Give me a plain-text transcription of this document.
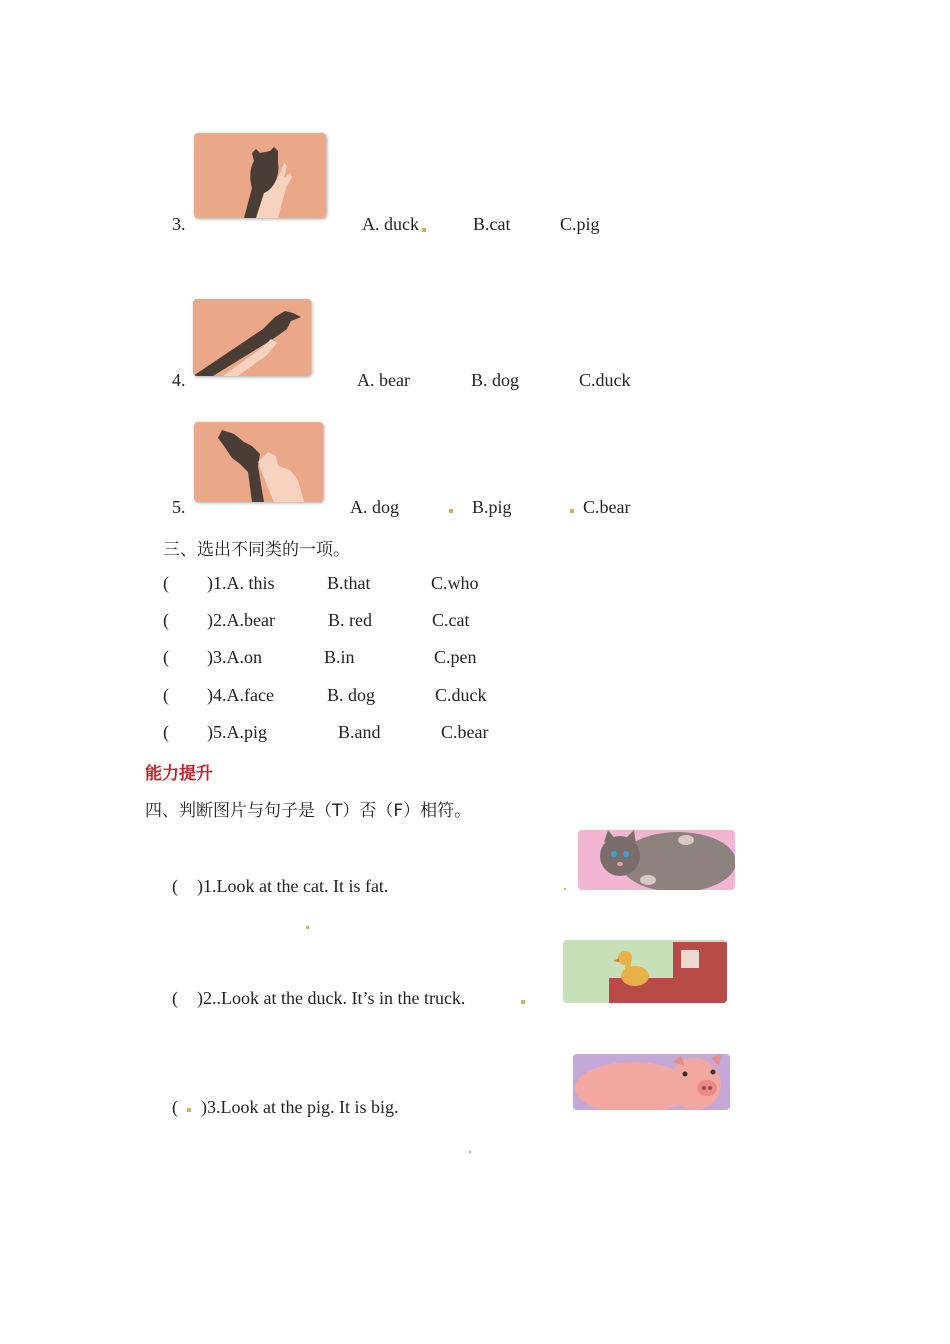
3.	A. duck	B.cat	C.pig
4.	A. bear	B. dog	C.duck
5.	A. dog	B.pig	C.bear
三、选出不同类的一项。
( )1.A. this	B.that	C.who
( )2.A.bear	B. red	C.cat
( )3.A.on	B.in	C.pen
( )4.A.face	B. dog	C.duck
( )5.A.pig	B.and	C.bear
能力提升
四、判断图片与句子是（T）否（F）相符。
( )1.Look at the cat. It is fat.
( )2..Look at the duck. It’s in the truck.
( )3.Look at the pig. It is big.
